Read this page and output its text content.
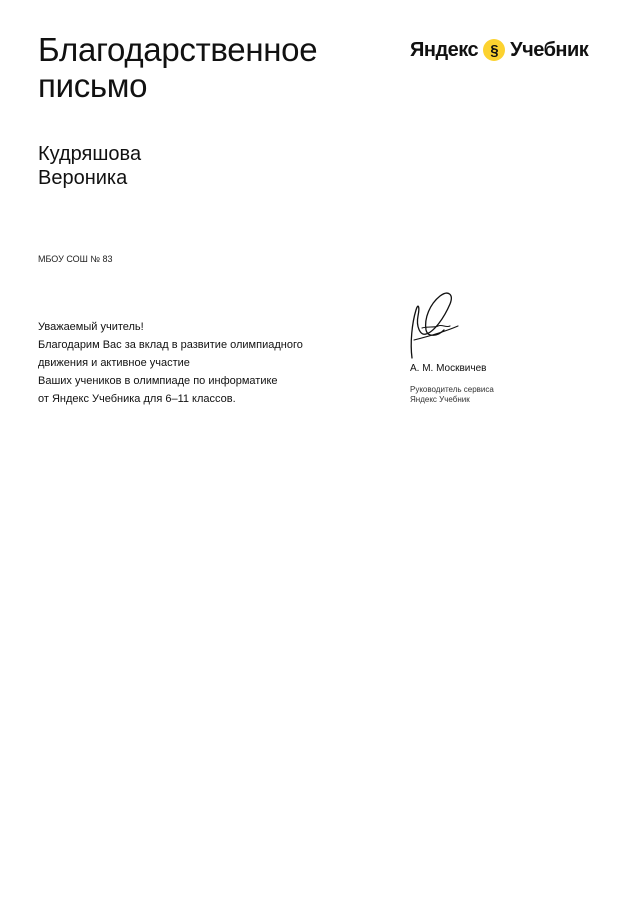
Благодарственное
письмо
Яндекс § Учебник
Кудряшова
Вероника
МБОУ СОШ № 83
Уважаемый учитель!
Благодарим Вас за вклад в развитие олимпиадного
движения и активное участие
Ваших учеников в олимпиаде по информатике
от Яндекс Учебника для 6–11 классов.
А. М. Москвичев
Руководитель сервиса
Яндекс Учебник
